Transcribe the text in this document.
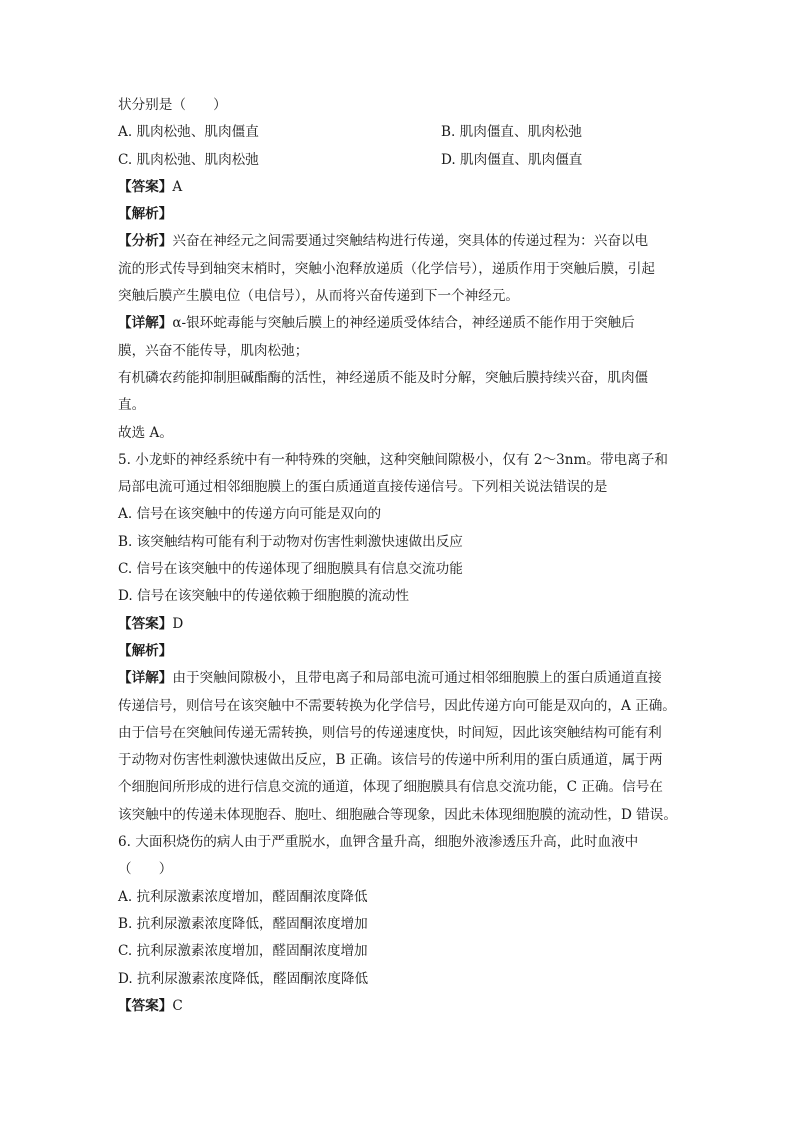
状分别是（　　）
A. 肌肉松弛、肌肉僵直	B. 肌肉僵直、肌肉松弛
C. 肌肉松弛、肌肉松弛	D. 肌肉僵直、肌肉僵直
【答案】A
【解析】
【分析】兴奋在神经元之间需要通过突触结构进行传递，突具体的传递过程为：兴奋以电
流的形式传导到轴突末梢时，突触小泡释放递质（化学信号），递质作用于突触后膜，引起
突触后膜产生膜电位（电信号），从而将兴奋传递到下一个神经元。
【详解】α-银环蛇毒能与突触后膜上的神经递质受体结合，神经递质不能作用于突触后
膜，兴奋不能传导，肌肉松弛；
有机磷农药能抑制胆碱酯酶的活性，神经递质不能及时分解，突触后膜持续兴奋，肌肉僵
直。
故选 A。
5. 小龙虾的神经系统中有一种特殊的突触，这种突触间隙极小，仅有 2～3nm。带电离子和
局部电流可通过相邻细胞膜上的蛋白质通道直接传递信号。下列相关说法错误的是
A. 信号在该突触中的传递方向可能是双向的
B. 该突触结构可能有利于动物对伤害性刺激快速做出反应
C. 信号在该突触中的传递体现了细胞膜具有信息交流功能
D. 信号在该突触中的传递依赖于细胞膜的流动性
【答案】D
【解析】
【详解】由于突触间隙极小，且带电离子和局部电流可通过相邻细胞膜上的蛋白质通道直接
传递信号，则信号在该突触中不需要转换为化学信号，因此传递方向可能是双向的，A 正确。
由于信号在突触间传递无需转换，则信号的传递速度快，时间短，因此该突触结构可能有利
于动物对伤害性刺激快速做出反应，B 正确。该信号的传递中所利用的蛋白质通道，属于两
个细胞间所形成的进行信息交流的通道，体现了细胞膜具有信息交流功能，C 正确。信号在
该突触中的传递未体现胞吞、胞吐、细胞融合等现象，因此未体现细胞膜的流动性，D 错误。
6. 大面积烧伤的病人由于严重脱水，血钾含量升高，细胞外液渗透压升高，此时血液中
（　　）
A. 抗利尿激素浓度增加，醛固酮浓度降低
B. 抗利尿激素浓度降低，醛固酮浓度增加
C. 抗利尿激素浓度增加，醛固酮浓度增加
D. 抗利尿激素浓度降低，醛固酮浓度降低
【答案】C
